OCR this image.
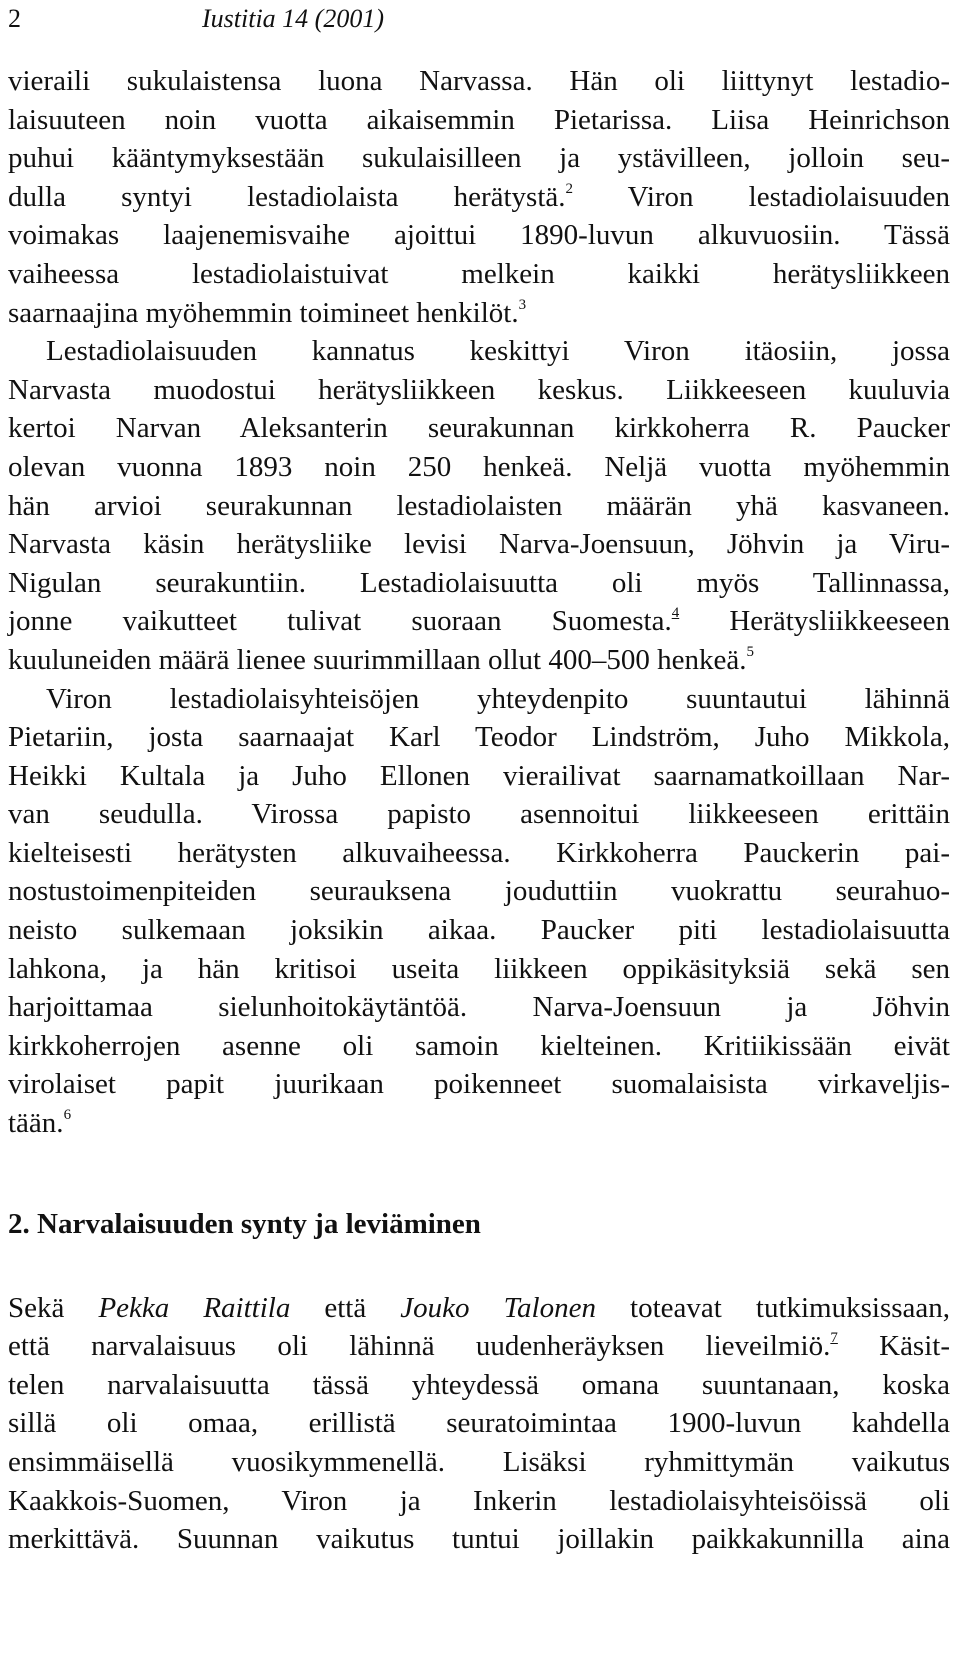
2	Iustitia 14 (2001)
vieraili sukulaistensa luona Narvassa. Hän oli liittynyt lestadio-
laisuuteen noin vuotta aikaisemmin Pietarissa. Liisa Heinrichson
puhui kääntymyksestään sukulaisilleen ja ystävilleen, jolloin seu-
dulla syntyi lestadiolaista herätystä.$^2$ Viron lestadiolaisuuden
voimakas laajenemisvaihe ajoittui 1890-luvun alkuvuosiin. Tässä
vaiheessa lestadiolaistuivat melkein kaikki herätysliikkeen
saarnaajina myöhemmin toimineet henkilöt.$^3$
Lestadiolaisuuden kannatus keskittyi Viron itäosiin, jossa
Narvasta muodostui herätysliikkeen keskus. Liikkeeseen kuuluvia
kertoi Narvan Aleksanterin seurakunnan kirkkoherra R. Paucker
olevan vuonna 1893 noin 250 henkeä. Neljä vuotta myöhemmin
hän arvioi seurakunnan lestadiolaisten määrän yhä kasvaneen.
Narvasta käsin herätysliike levisi Narva-Joensuun, Jöhvin ja Viru-
Nigulan seurakuntiin. Lestadiolaisuutta oli myös Tallinnassa,
jonne vaikutteet tulivat suoraan Suomesta.$^4$ Herätysliikkeeseen
kuuluneiden määrä lienee suurimmillaan ollut 400–500 henkeä.$^5$
Viron lestadiolaisyhteisöjen yhteydenpito suuntautui lähinnä
Pietariin, josta saarnaajat Karl Teodor Lindström, Juho Mikkola,
Heikki Kultala ja Juho Ellonen vierailivat saarnamatkoillaan Nar-
van seudulla. Virossa papisto asennoitui liikkeeseen erittäin
kielteisesti herätysten alkuvaiheessa. Kirkkoherra Pauckerin pai-
nostustoimenpiteiden seurauksena jouduttiin vuokrattu seurahuo-
neisto sulkemaan joksikin aikaa. Paucker piti lestadiolaisuutta
lahkona, ja hän kritisoi useita liikkeen oppikäsityksiä sekä sen
harjoittamaa sielunhoitokäytäntöä. Narva-Joensuun ja Jöhvin
kirkkoherrojen asenne oli samoin kielteinen. Kritiikissään eivät
virolaiset papit juurikaan poikenneet suomalaisista virkaveljis-
tään.$^6$
2. Narvalaisuuden synty ja leviäminen
Sekä Pekka Raittila että Jouko Talonen toteavat tutkimuksissaan,
että narvalaisuus oli lähinnä uudenheräyksen lieveilmiö.$^7$ Käsit-
telen narvalaisuutta tässä yhteydessä omana suuntanaan, koska
sillä oli omaa, erillistä seuratoimintaa 1900-luvun kahdella
ensimmäisellä vuosikymmenellä. Lisäksi ryhmittymän vaikutus
Kaakkois-Suomen, Viron ja Inkerin lestadiolaisyhteisöissä oli
merkittävä. Suunnan vaikutus tuntui joillakin paikkakunnilla aina
